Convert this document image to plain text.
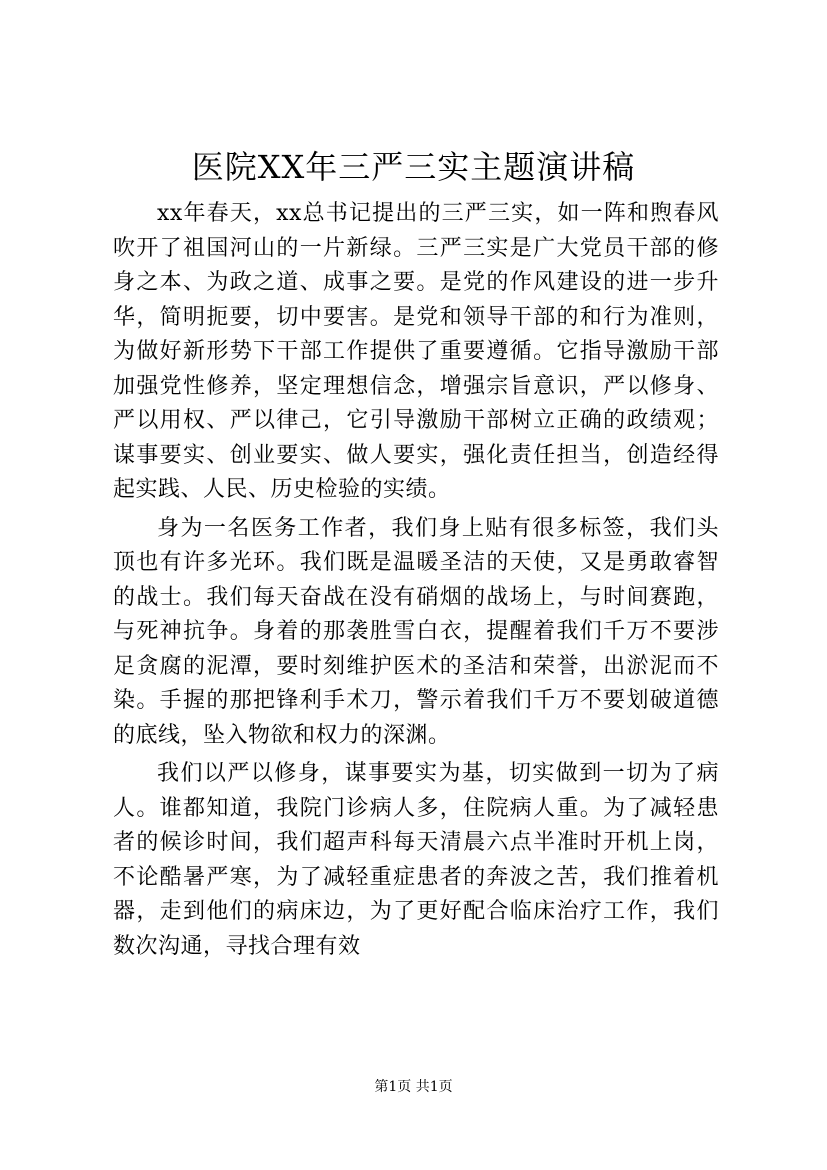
医院XX年三严三实主题演讲稿

xx年春天，xx总书记提出的三严三实，如一阵和煦春风吹开了祖国河山的一片新绿。三严三实是广大党员干部的修身之本、为政之道、成事之要。是党的作风建设的进一步升华，简明扼要，切中要害。是党和领导干部的和行为准则，为做好新形势下干部工作提供了重要遵循。它指导激励干部加强党性修养，坚定理想信念，增强宗旨意识，严以修身、严以用权、严以律己，它引导激励干部树立正确的政绩观；谋事要实、创业要实、做人要实，强化责任担当，创造经得起实践、人民、历史检验的实绩。

身为一名医务工作者，我们身上贴有很多标签，我们头顶也有许多光环。我们既是温暖圣洁的天使，又是勇敢睿智的战士。我们每天奋战在没有硝烟的战场上，与时间赛跑，与死神抗争。身着的那袭胜雪白衣，提醒着我们千万不要涉足贪腐的泥潭，要时刻维护医术的圣洁和荣誉，出淤泥而不染。手握的那把锋利手术刀，警示着我们千万不要划破道德的底线，坠入物欲和权力的深渊。

我们以严以修身，谋事要实为基，切实做到一切为了病人。谁都知道，我院门诊病人多，住院病人重。为了减轻患者的候诊时间，我们超声科每天清晨六点半准时开机上岗，不论酷暑严寒，为了减轻重症患者的奔波之苦，我们推着机器，走到他们的病床边，为了更好配合临床治疗工作，我们数次沟通，寻找合理有效

第1页 共1页
